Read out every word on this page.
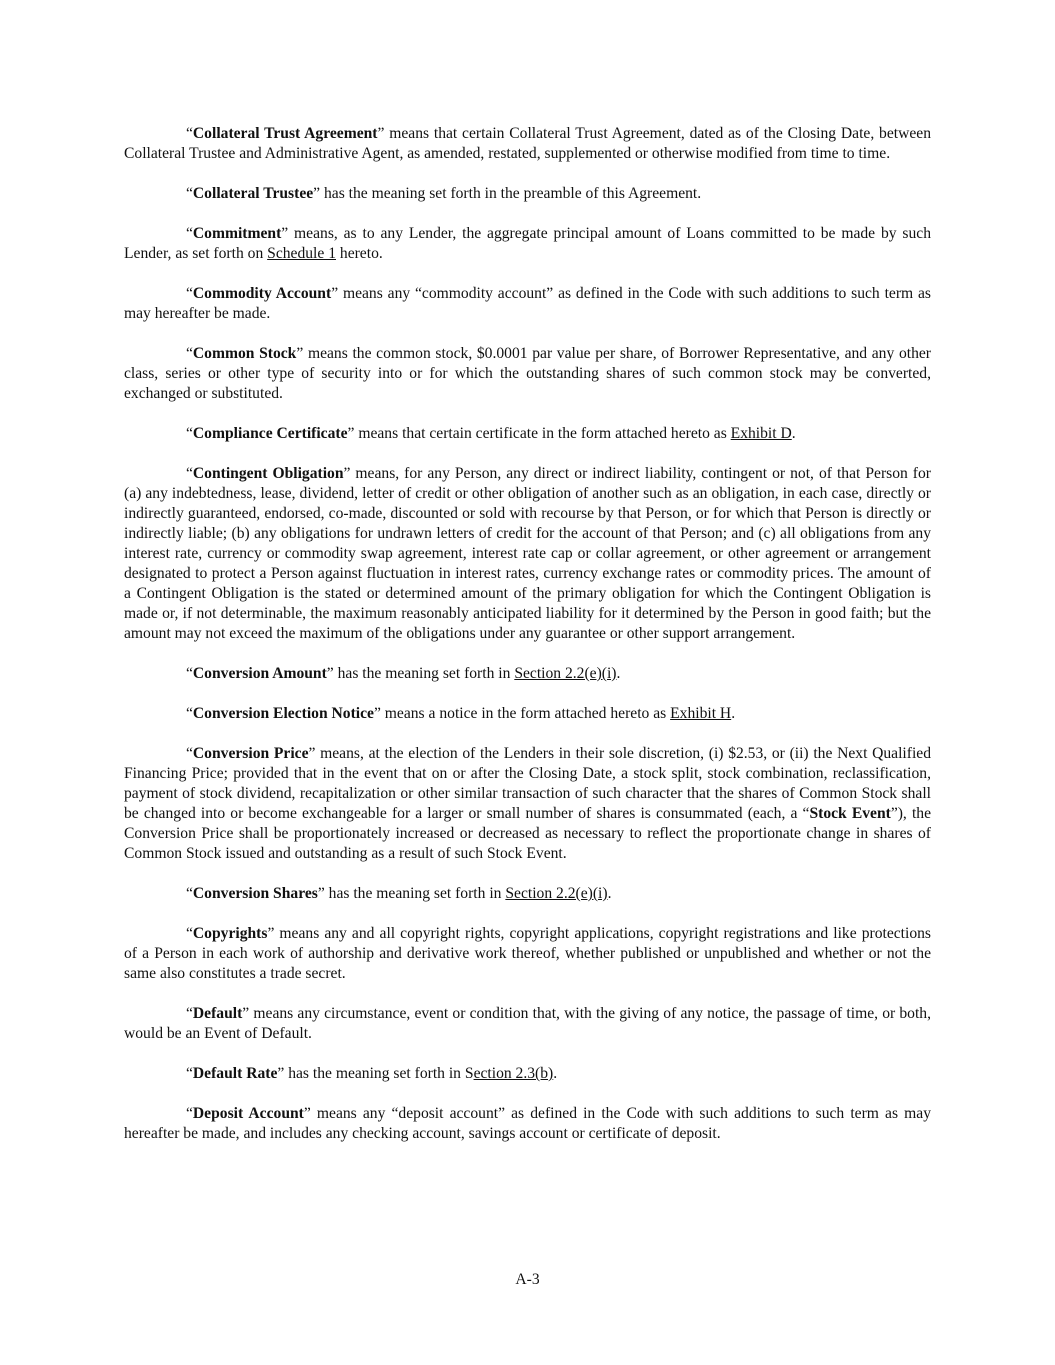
“Collateral Trust Agreement” means that certain Collateral Trust Agreement, dated as of the Closing Date, between Collateral Trustee and Administrative Agent, as amended, restated, supplemented or otherwise modified from time to time.

“Collateral Trustee” has the meaning set forth in the preamble of this Agreement.

“Commitment” means, as to any Lender, the aggregate principal amount of Loans committed to be made by such Lender, as set forth on Schedule 1 hereto.

“Commodity Account” means any “commodity account” as defined in the Code with such additions to such term as may hereafter be made.

“Common Stock” means the common stock, $0.0001 par value per share, of Borrower Representative, and any other class, series or other type of security into or for which the outstanding shares of such common stock may be converted, exchanged or substituted.

“Compliance Certificate” means that certain certificate in the form attached hereto as Exhibit D.

“Contingent Obligation” means, for any Person, any direct or indirect liability, contingent or not, of that Person for (a) any indebtedness, lease, dividend, letter of credit or other obligation of another such as an obligation, in each case, directly or indirectly guaranteed, endorsed, co-made, discounted or sold with recourse by that Person, or for which that Person is directly or indirectly liable; (b) any obligations for undrawn letters of credit for the account of that Person; and (c) all obligations from any interest rate, currency or commodity swap agreement, interest rate cap or collar agreement, or other agreement or arrangement designated to protect a Person against fluctuation in interest rates, currency exchange rates or commodity prices. The amount of a Contingent Obligation is the stated or determined amount of the primary obligation for which the Contingent Obligation is made or, if not determinable, the maximum reasonably anticipated liability for it determined by the Person in good faith; but the amount may not exceed the maximum of the obligations under any guarantee or other support arrangement.

“Conversion Amount” has the meaning set forth in Section 2.2(e)(i).

“Conversion Election Notice” means a notice in the form attached hereto as Exhibit H.

“Conversion Price” means, at the election of the Lenders in their sole discretion, (i) $2.53, or (ii) the Next Qualified Financing Price; provided that in the event that on or after the Closing Date, a stock split, stock combination, reclassification, payment of stock dividend, recapitalization or other similar transaction of such character that the shares of Common Stock shall be changed into or become exchangeable for a larger or small number of shares is consummated (each, a “Stock Event”), the Conversion Price shall be proportionately increased or decreased as necessary to reflect the proportionate change in shares of Common Stock issued and outstanding as a result of such Stock Event.

“Conversion Shares” has the meaning set forth in Section 2.2(e)(i).

“Copyrights” means any and all copyright rights, copyright applications, copyright registrations and like protections of a Person in each work of authorship and derivative work thereof, whether published or unpublished and whether or not the same also constitutes a trade secret.

“Default” means any circumstance, event or condition that, with the giving of any notice, the passage of time, or both, would be an Event of Default.

“Default Rate” has the meaning set forth in Section 2.3(b).

“Deposit Account” means any “deposit account” as defined in the Code with such additions to such term as may hereafter be made, and includes any checking account, savings account or certificate of deposit.

A-3
